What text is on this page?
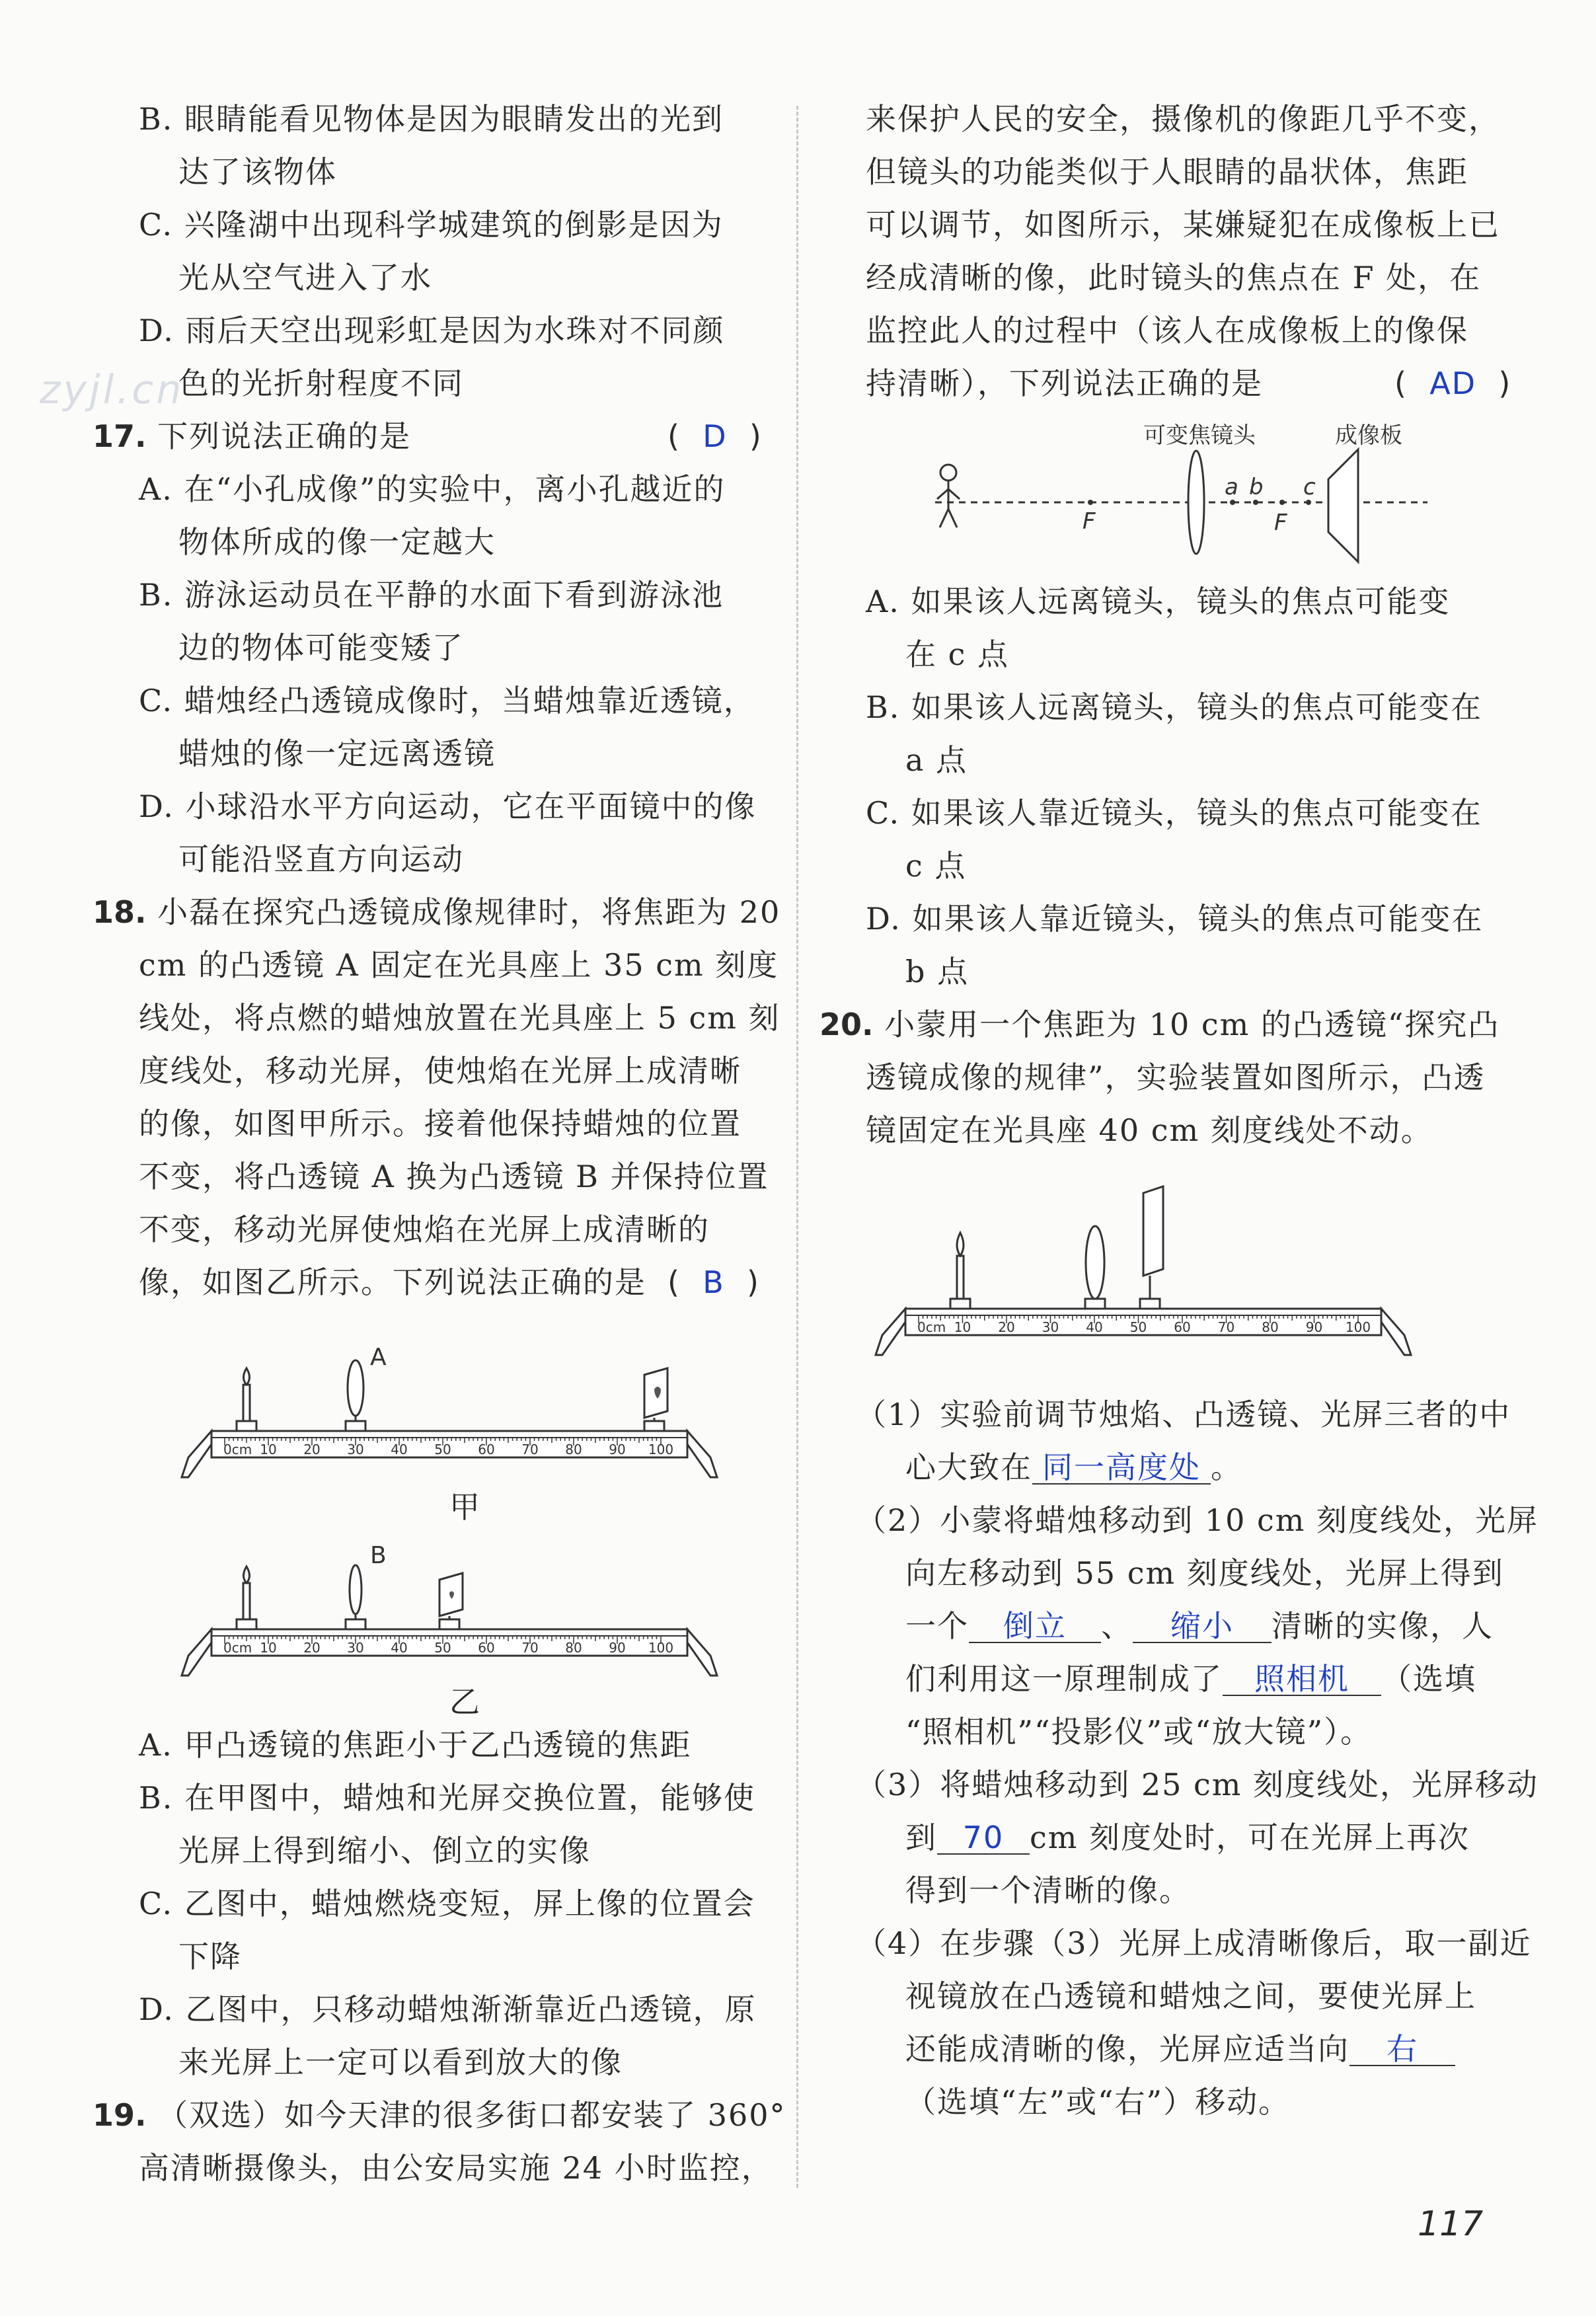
zyjl.cn
B. 眼睛能看见物体是因为眼睛发出的光到
达了该物体
C. 兴隆湖中出现科学城建筑的倒影是因为
光从空气进入了水
D. 雨后天空出现彩虹是因为水珠对不同颜
色的光折射程度不同
17. 下列说法正确的是	(  D  )
A. 在“小孔成像”的实验中，离小孔越近的
物体所成的像一定越大
B. 游泳运动员在平静的水面下看到游泳池
边的物体可能变矮了
C. 蜡烛经凸透镜成像时，当蜡烛靠近透镜，
蜡烛的像一定远离透镜
D. 小球沿水平方向运动，它在平面镜中的像
可能沿竖直方向运动
18. 小磊在探究凸透镜成像规律时，将焦距为 20
cm 的凸透镜 A 固定在光具座上 35 cm 刻度
线处，将点燃的蜡烛放置在光具座上 5 cm 刻
度线处，移动光屏，使烛焰在光屏上成清晰
的像，如图甲所示。接着他保持蜡烛的位置
不变，将凸透镜 A 换为凸透镜 B 并保持位置
不变，移动光屏使烛焰在光屏上成清晰的
像，如图乙所示。下列说法正确的是 (  B  )
0cm 10 20 30 40 50 60 70 80 90 100
A
甲
0cm 10 20 30 40 50 60 70 80 90 100
B
乙
A. 甲凸透镜的焦距小于乙凸透镜的焦距
B. 在甲图中，蜡烛和光屏交换位置，能够使
光屏上得到缩小、倒立的实像
C. 乙图中，蜡烛燃烧变短，屏上像的位置会
下降
D. 乙图中，只移动蜡烛渐渐靠近凸透镜，原
来光屏上一定可以看到放大的像
19. （双选）如今天津的很多街口都安装了 360°
高清晰摄像头，由公安局实施 24 小时监控，
来保护人民的安全，摄像机的像距几乎不变，
但镜头的功能类似于人眼睛的晶状体，焦距
可以调节，如图所示，某嫌疑犯在成像板上已
经成清晰的像，此时镜头的焦点在 F 处，在
监控此人的过程中（该人在成像板上的像保
持清晰），下列说法正确的是	(  AD  )
可变焦镜头	成像板
F
a b
F
c
A. 如果该人远离镜头，镜头的焦点可能变
在 c 点
B. 如果该人远离镜头，镜头的焦点可能变在
a 点
C. 如果该人靠近镜头，镜头的焦点可能变在
c 点
D. 如果该人靠近镜头，镜头的焦点可能变在
b 点
20. 小蒙用一个焦距为 10 cm 的凸透镜“探究凸
透镜成像的规律”，实验装置如图所示，凸透
镜固定在光具座 40 cm 刻度线处不动。
0cm 10 20 30 40 50 60 70 80 90 100
（1）实验前调节烛焰、凸透镜、光屏三者的中
心大致在 同一高度处 。
（2）小蒙将蜡烛移动到 10 cm 刻度线处，光屏
向左移动到 55 cm 刻度线处，光屏上得到
一个 倒立 、 缩小 清晰的实像，人
们利用这一原理制成了 照相机 （选填
“照相机”“投影仪”或“放大镜”）。
（3）将蜡烛移动到 25 cm 刻度线处，光屏移动
到 70 cm 刻度处时，可在光屏上再次
得到一个清晰的像。
（4）在步骤（3）光屏上成清晰像后，取一副近
视镜放在凸透镜和蜡烛之间，要使光屏上
还能成清晰的像，光屏应适当向 右
（选填“左”或“右”）移动。
117
